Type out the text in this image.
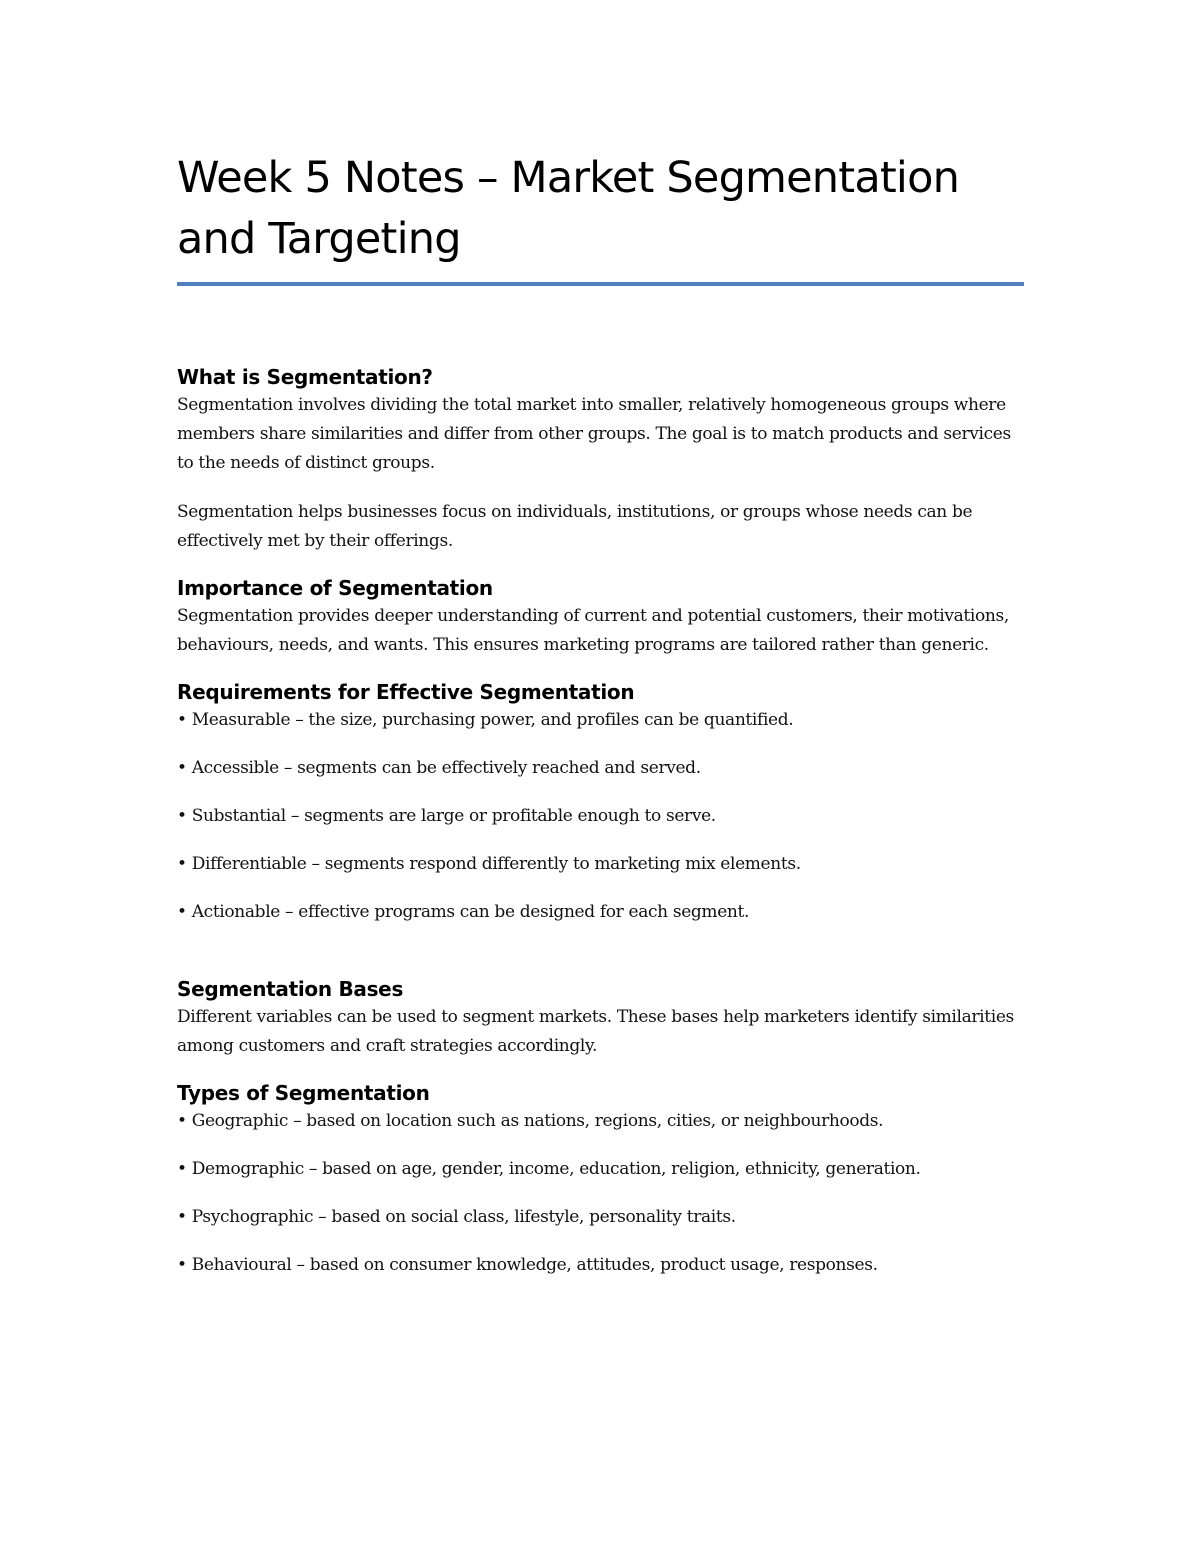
Week 5 Notes – Market Segmentation and Targeting
What is Segmentation?

Segmentation involves dividing the total market into smaller, relatively homogeneous groups where members share similarities and differ from other groups. The goal is to match products and services to the needs of distinct groups.

Segmentation helps businesses focus on individuals, institutions, or groups whose needs can be effectively met by their offerings.

Importance of Segmentation

Segmentation provides deeper understanding of current and potential customers, their motivations, behaviours, needs, and wants. This ensures marketing programs are tailored rather than generic.

Requirements for Effective Segmentation

• Measurable – the size, purchasing power, and profiles can be quantified.

• Accessible – segments can be effectively reached and served.

• Substantial – segments are large or profitable enough to serve.

• Differentiable – segments respond differently to marketing mix elements.

• Actionable – effective programs can be designed for each segment.

Segmentation Bases

Different variables can be used to segment markets. These bases help marketers identify similarities among customers and craft strategies accordingly.

Types of Segmentation

• Geographic – based on location such as nations, regions, cities, or neighbourhoods.

• Demographic – based on age, gender, income, education, religion, ethnicity, generation.

• Psychographic – based on social class, lifestyle, personality traits.

• Behavioural – based on consumer knowledge, attitudes, product usage, responses.
